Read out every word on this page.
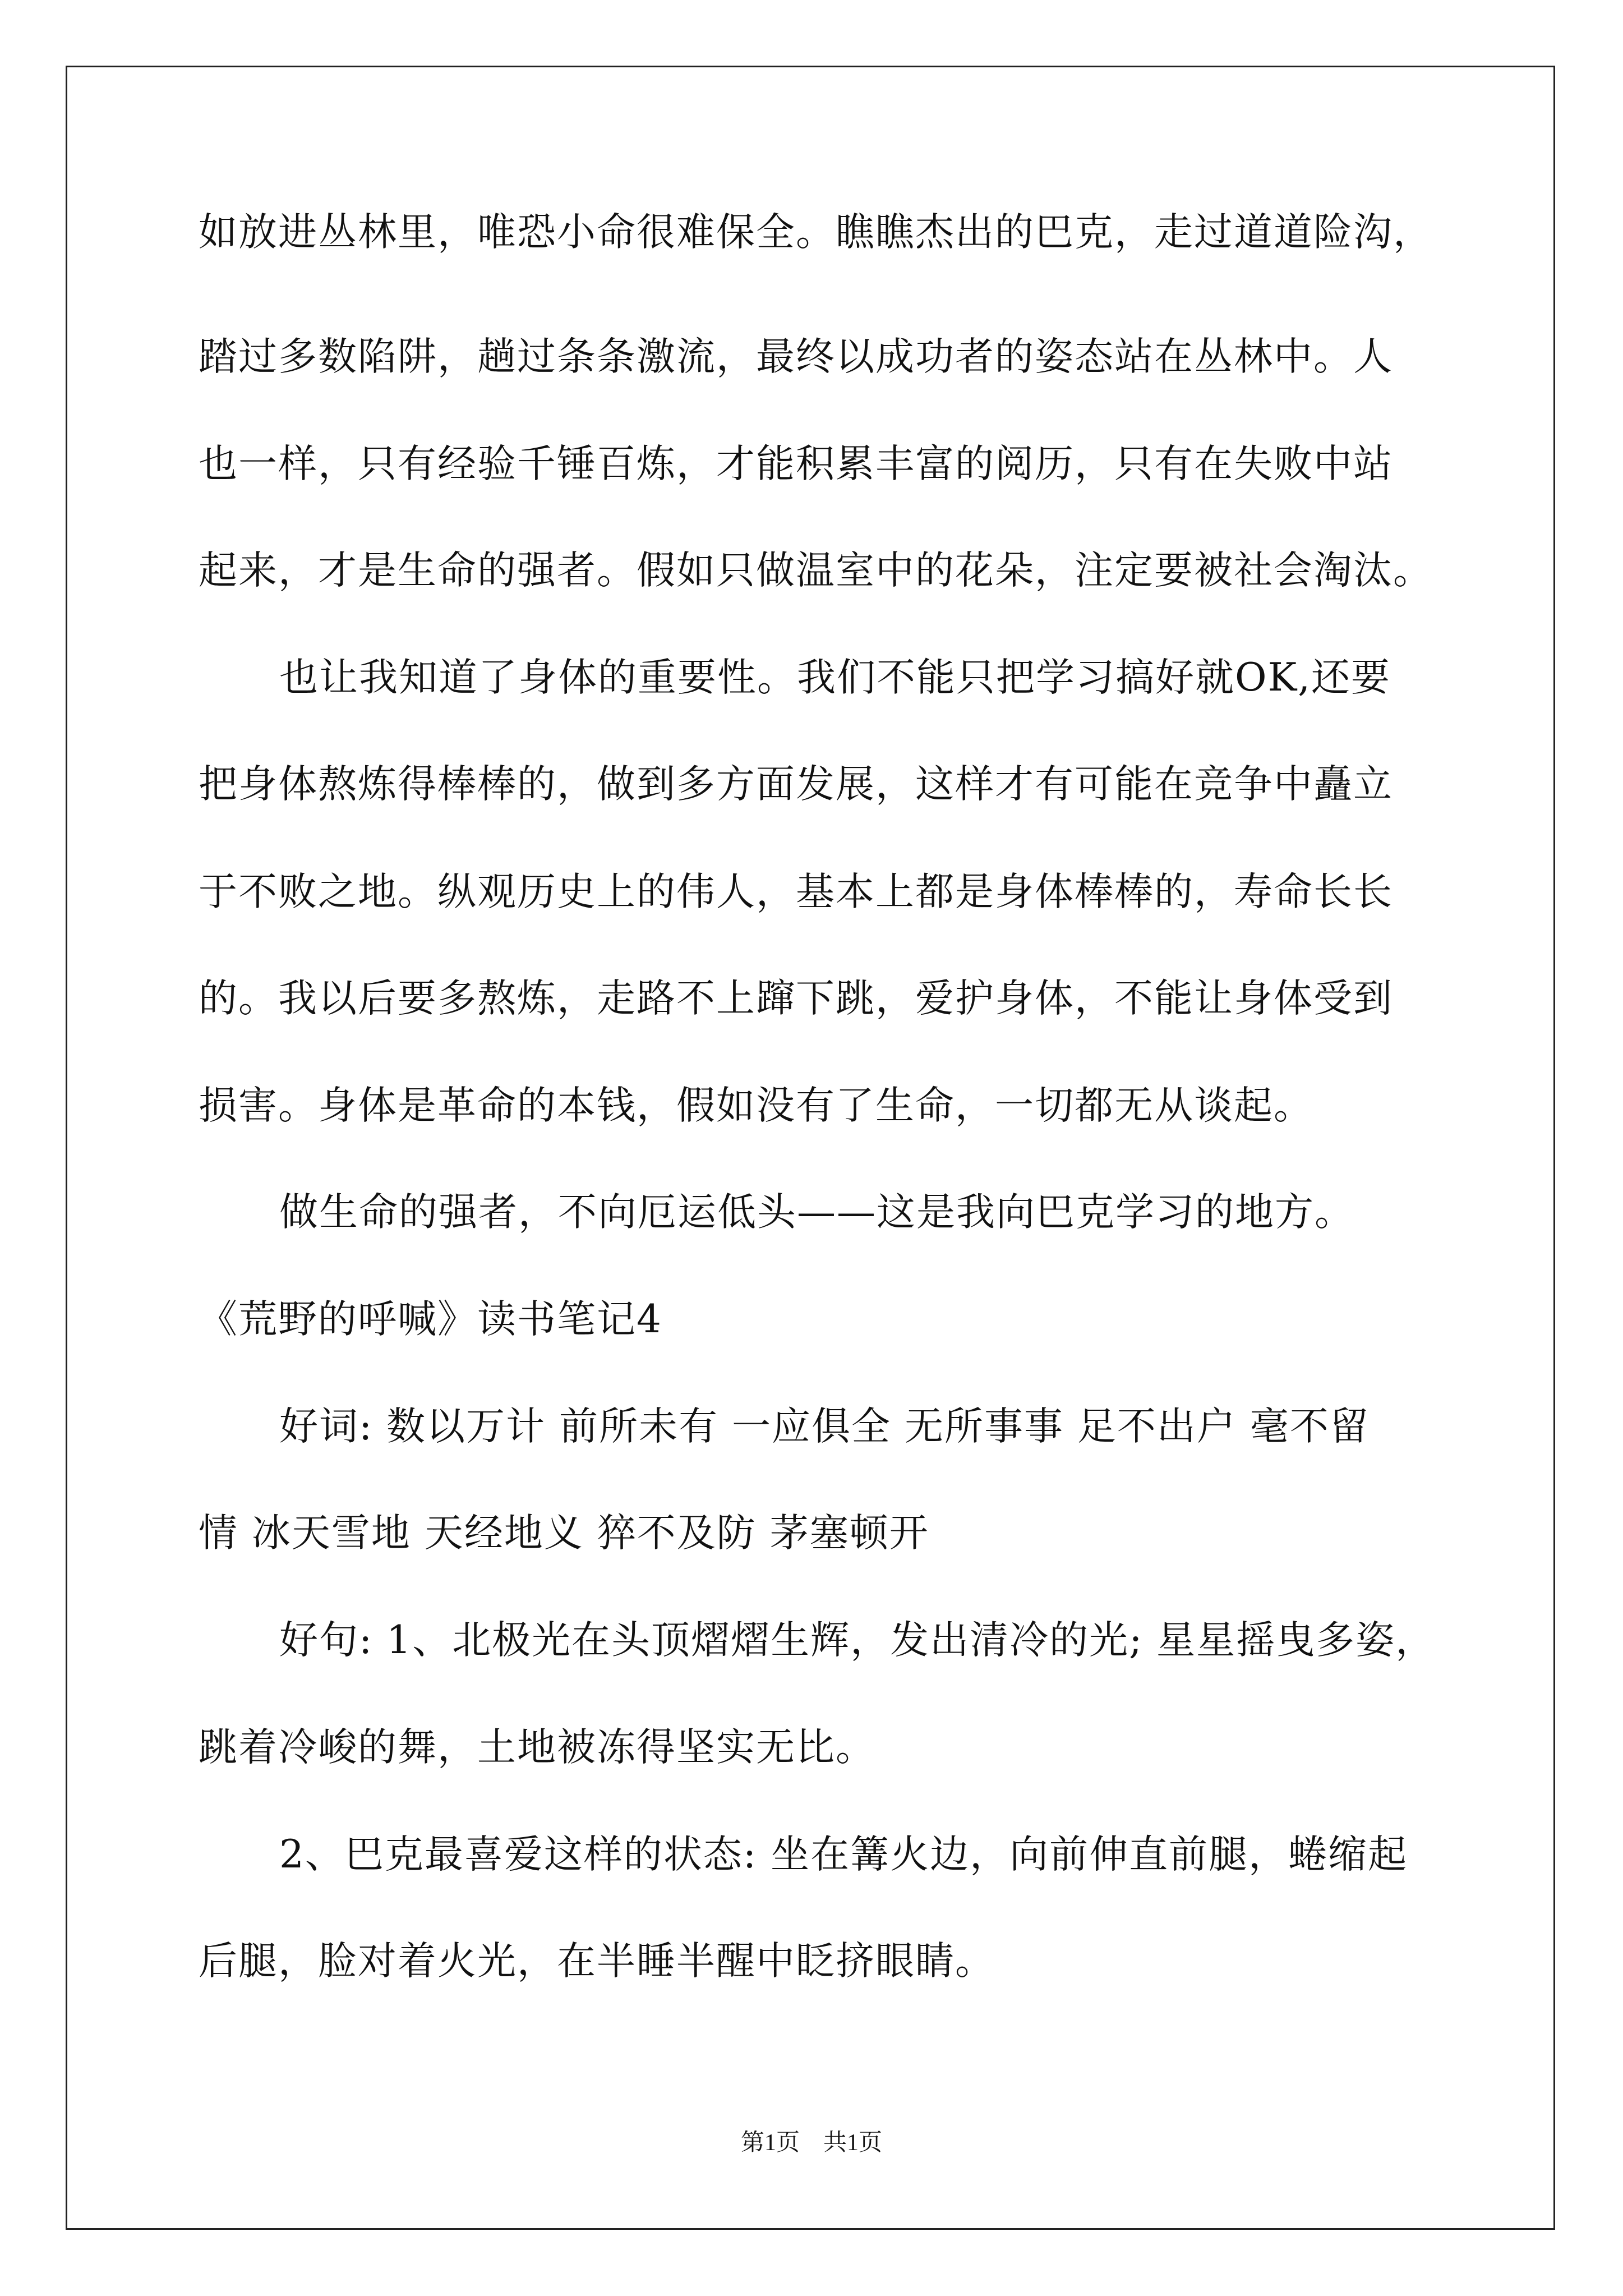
如放进丛林里，唯恐小命很难保全。瞧瞧杰出的巴克，走过道道险沟，
踏过多数陷阱，趟过条条激流，最终以成功者的姿态站在丛林中。人
也一样，只有经验千锤百炼，才能积累丰富的阅历，只有在失败中站
起来，才是生命的强者。假如只做温室中的花朵，注定要被社会淘汰。
也让我知道了身体的重要性。我们不能只把学习搞好就OK,还要
把身体熬炼得棒棒的，做到多方面发展，这样才有可能在竞争中矗立
于不败之地。纵观历史上的伟人，基本上都是身体棒棒的，寿命长长
的。我以后要多熬炼，走路不上蹿下跳，爱护身体，不能让身体受到
损害。身体是革命的本钱，假如没有了生命，一切都无从谈起。
做生命的强者，不向厄运低头——这是我向巴克学习的地方。
《荒野的呼喊》读书笔记4
好词: 数以万计 前所未有 一应俱全 无所事事 足不出户 毫不留
情 冰天雪地 天经地义 猝不及防 茅塞顿开
好句: 1、北极光在头顶熠熠生辉，发出清冷的光; 星星摇曳多姿，
跳着冷峻的舞，土地被冻得坚实无比。
2、巴克最喜爱这样的状态: 坐在篝火边，向前伸直前腿，蜷缩起
后腿，脸对着火光，在半睡半醒中眨挤眼睛。
第1页　共1页
